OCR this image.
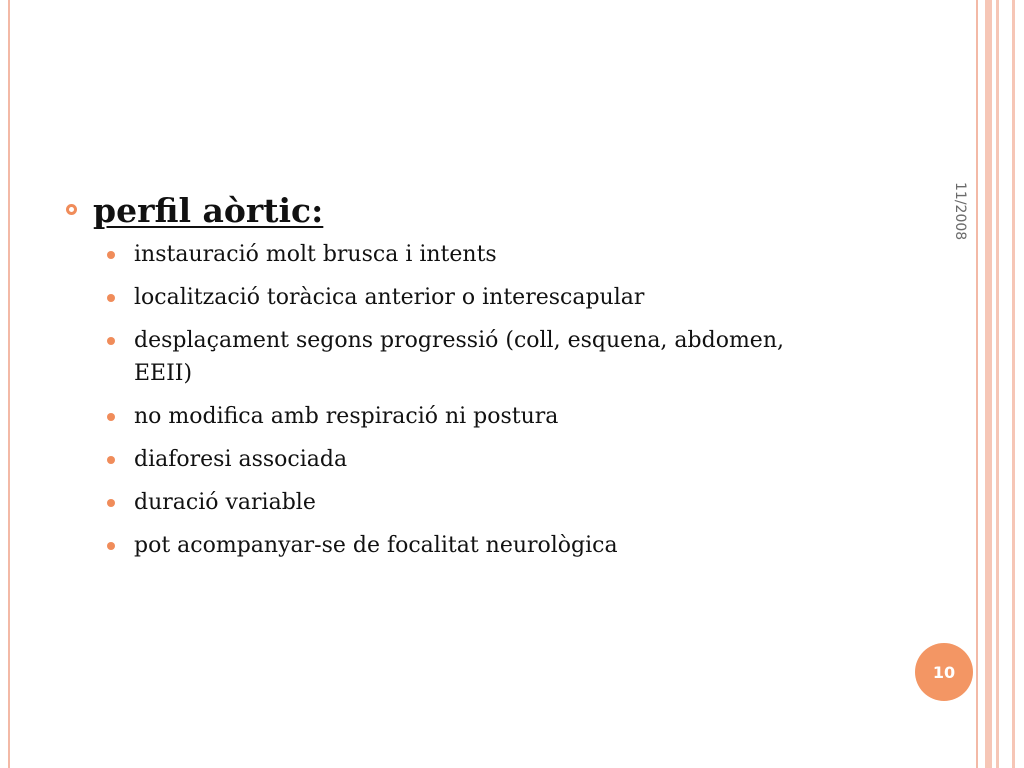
11/2008
perfil aòrtic:
instauració molt brusca i intents
localització toràcica anterior o interescapular
desplaçament segons progressió (coll, esquena, abdomen, EEII)
no modifica amb respiració ni postura
diaforesi associada
duració variable
pot acompanyar-se de focalitat neurològica
10
